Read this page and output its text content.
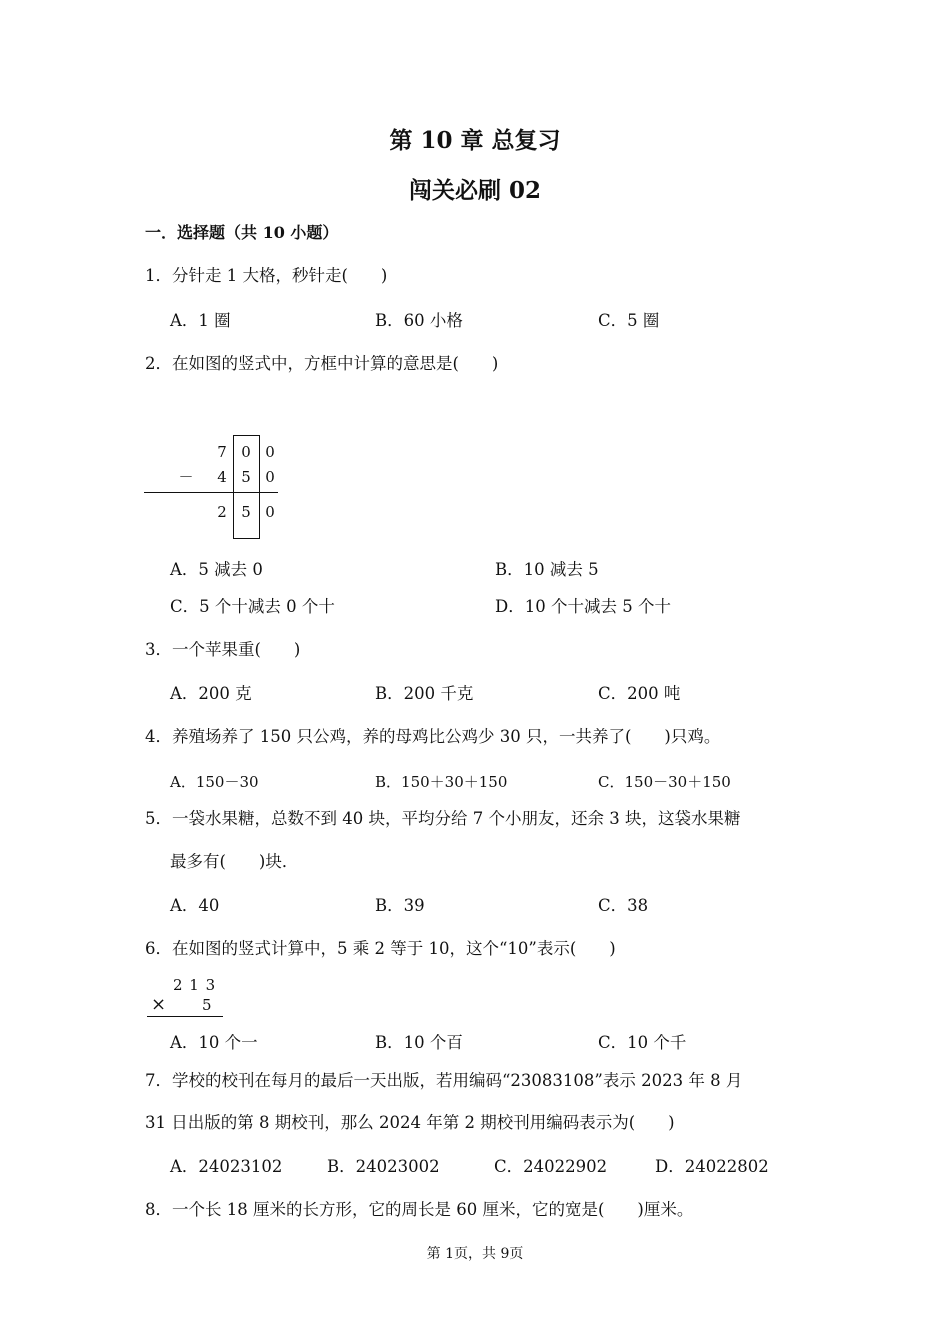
第 10 章 总复习
闯关必刷 02
一．选择题（共 10 小题）
1．分针走 1 大格，秒针走(　　)
A．1 圈	B．60 小格	C．5 圈
2．在如图的竖式中，方框中计算的意思是(　　)
7 0 0
－ 4 5 0
2 5 0
A．5 减去 0	B．10 减去 5
C．5 个十减去 0 个十	D．10 个十减去 5 个十
3．一个苹果重(　　)
A．200 克	B．200 千克	C．200 吨
4．养殖场养了 150 只公鸡，养的母鸡比公鸡少 30 只，一共养了(　　)只鸡。
A．150－30	B．150＋30＋150	C．150－30＋150
5．一袋水果糖，总数不到 40 块，平均分给 7 个小朋友，还余 3 块，这袋水果糖
最多有(　　)块．
A．40	B．39	C．38
6．在如图的竖式计算中，5 乘 2 等于 10，这个“10”表示(　　)
2 1 3
× 5
A．10 个一	B．10 个百	C．10 个千
7．学校的校刊在每月的最后一天出版，若用编码“23083108”表示 2023 年 8 月
31 日出版的第 8 期校刊，那么 2024 年第 2 期校刊用编码表示为(　　)
A．24023102	B．24023002	C．24022902	D．24022802
8．一个长 18 厘米的长方形，它的周长是 60 厘米，它的宽是(　　)厘米。
第 1页，共 9页
